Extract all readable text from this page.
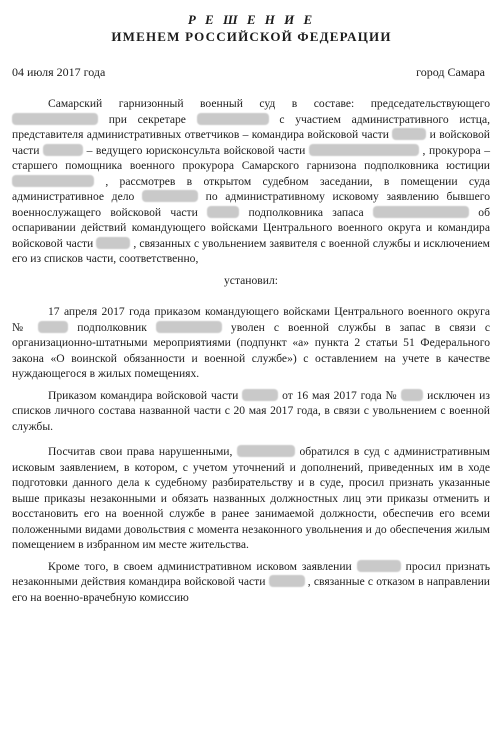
Р Е Ш Е Н И Е
ИМЕНЕМ РОССИЙСКОЙ ФЕДЕРАЦИИ
04 июля 2017 года	город Самара

Самарский гарнизонный военный суд в составе: председательствующего  при секретаре	с участием административного истца, представителя административных ответчиков – командира войсковой части	и войсковой части	– ведущего юрисконсульта войсковой части	, прокурора – старшего помощника военного прокурора Самарского гарнизона подполковника юстиции  , рассмотрев в открытом судебном заседании, в помещении суда административное дело	по административному исковому заявлению бывшего военнослужащего войсковой части	подполковника запаса	об оспаривании действий командующего войсками Центрального военного округа и командира войсковой части	, связанных с увольнением заявителя с военной службы и исключением его из списков части, соответственно,

установил:

17 апреля 2017 года приказом командующего войсками Центрального военного округа №	подполковник	уволен с военной службы в запас в связи с организационно-штатными мероприятиями (подпункт «а» пункта 2 статьи 51 Федерального закона «О воинской обязанности и военной службе») с оставлением на учете в качестве нуждающегося в жилых помещениях.

Приказом командира войсковой части	от 16 мая 2017 года №	исключен из списков личного состава названной части с 20 мая 2017 года, в связи с увольнением с военной службы.

Посчитав свои права нарушенными,	обратился в суд с административным исковым заявлением, в котором, с учетом уточнений и дополнений, приведенных им в ходе подготовки данного дела к судебному разбирательству и в суде, просил признать указанные выше приказы незаконными и обязать названных должностных лиц эти приказы отменить и восстановить его на военной службе в ранее занимаемой должности, обеспечив его всеми положенными видами довольствия с момента незаконного увольнения и до обеспечения жилым помещением в избранном им месте жительства.

Кроме того, в своем административном исковом заявлении	просил признать незаконными действия командира войсковой части	, связанные с отказом в направлении его на военно-врачебную комиссию
